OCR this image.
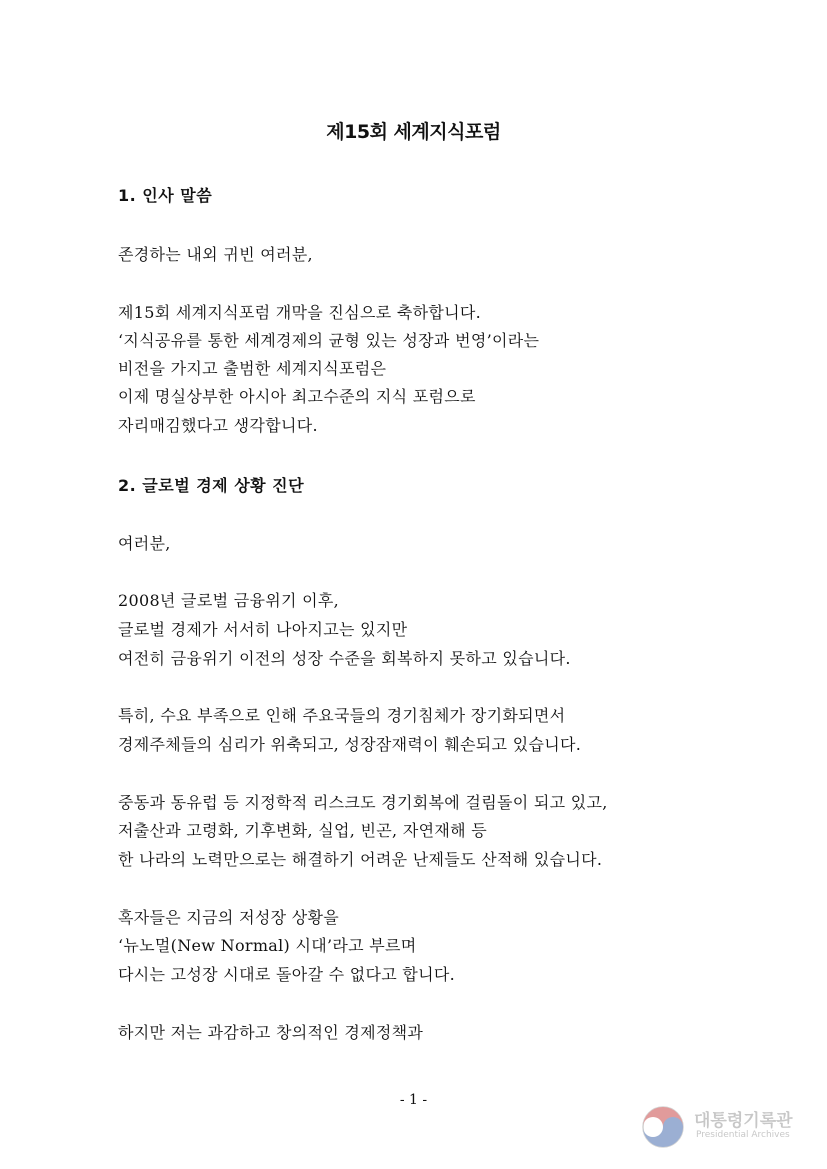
제15회 세계지식포럼
1. 인사 말씀

존경하는 내외 귀빈 여러분,

제15회 세계지식포럼 개막을 진심으로 축하합니다.

‘지식공유를 통한 세계경제의 균형 있는 성장과 번영’이라는

비전을 가지고 출범한 세계지식포럼은

이제 명실상부한 아시아 최고수준의 지식 포럼으로

자리매김했다고 생각합니다.

2. 글로벌 경제 상황 진단

여러분,

2008년 글로벌 금융위기 이후,

글로벌 경제가 서서히 나아지고는 있지만

여전히 금융위기 이전의 성장 수준을 회복하지 못하고 있습니다.

특히, 수요 부족으로 인해 주요국들의 경기침체가 장기화되면서

경제주체들의 심리가 위축되고, 성장잠재력이 훼손되고 있습니다.

중동과 동유럽 등 지정학적 리스크도 경기회복에 걸림돌이 되고 있고,

저출산과 고령화, 기후변화, 실업, 빈곤, 자연재해 등

한 나라의 노력만으로는 해결하기 어려운 난제들도 산적해 있습니다.

혹자들은 지금의 저성장 상황을

‘뉴노멀(New Normal) 시대’라고 부르며

다시는 고성장 시대로 돌아갈 수 없다고 합니다.

하지만 저는 과감하고 창의적인 경제정책과

- 1 -
대통령기록관
Presidential Archives
